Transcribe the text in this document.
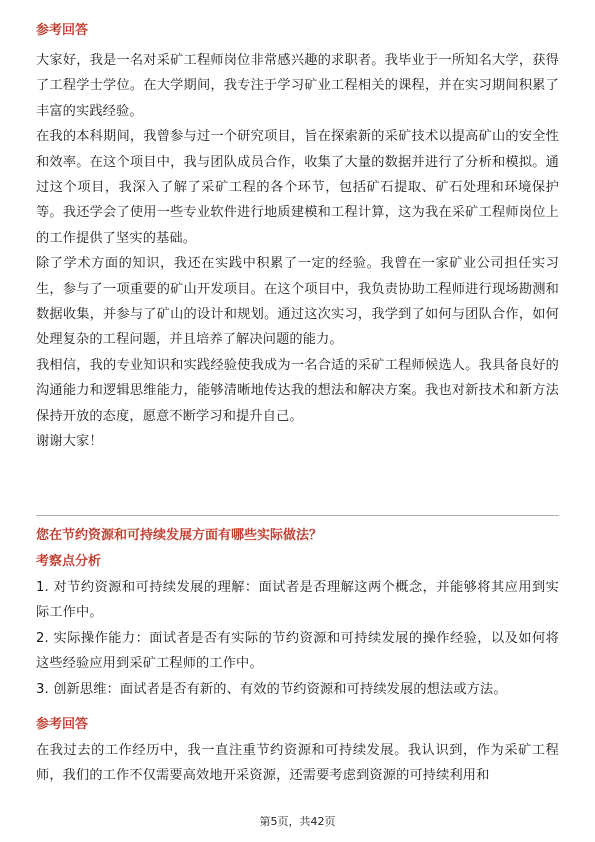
参考回答

大家好，我是一名对采矿工程师岗位非常感兴趣的求职者。我毕业于一所知名大学，获得了工程学士学位。在大学期间，我专注于学习矿业工程相关的课程，并在实习期间积累了丰富的实践经验。

在我的本科期间，我曾参与过一个研究项目，旨在探索新的采矿技术以提高矿山的安全性和效率。在这个项目中，我与团队成员合作，收集了大量的数据并进行了分析和模拟。通过这个项目，我深入了解了采矿工程的各个环节，包括矿石提取、矿石处理和环境保护等。我还学会了使用一些专业软件进行地质建模和工程计算，这为我在采矿工程师岗位上的工作提供了坚实的基础。

除了学术方面的知识，我还在实践中积累了一定的经验。我曾在一家矿业公司担任实习生，参与了一项重要的矿山开发项目。在这个项目中，我负责协助工程师进行现场勘测和数据收集，并参与了矿山的设计和规划。通过这次实习，我学到了如何与团队合作，如何处理复杂的工程问题，并且培养了解决问题的能力。

我相信，我的专业知识和实践经验使我成为一名合适的采矿工程师候选人。我具备良好的沟通能力和逻辑思维能力，能够清晰地传达我的想法和解决方案。我也对新技术和新方法保持开放的态度，愿意不断学习和提升自己。

谢谢大家！

您在节约资源和可持续发展方面有哪些实际做法？
考察点分析

1. 对节约资源和可持续发展的理解：面试者是否理解这两个概念，并能够将其应用到实际工作中。

2. 实际操作能力：面试者是否有实际的节约资源和可持续发展的操作经验，以及如何将这些经验应用到采矿工程师的工作中。

3. 创新思维：面试者是否有新的、有效的节约资源和可持续发展的想法或方法。

参考回答

在我过去的工作经历中，我一直注重节约资源和可持续发展。我认识到，作为采矿工程师，我们的工作不仅需要高效地开采资源，还需要考虑到资源的可持续利用和

第5页，共42页
